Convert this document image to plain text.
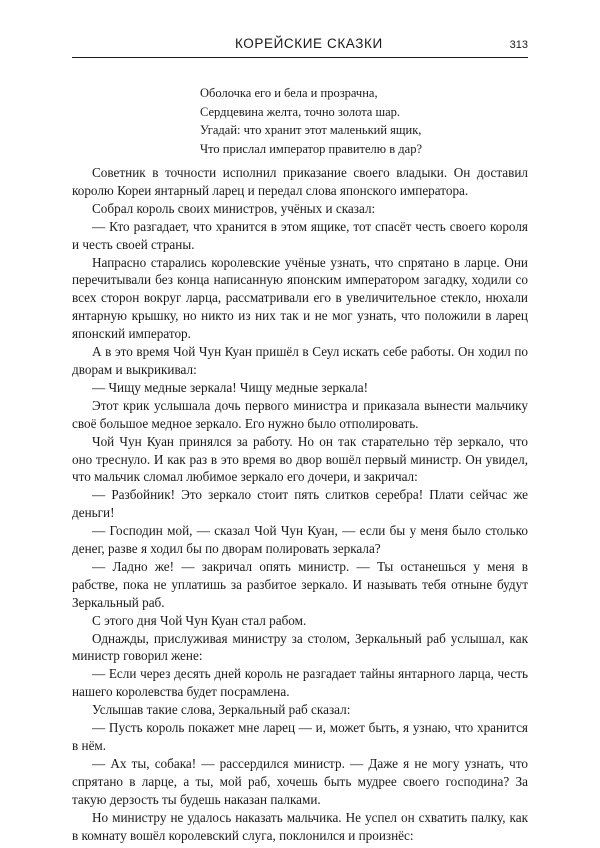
КОРЕЙСКИЕ СКАЗКИ	313
Оболочка его и бела и прозрачна,
Сердцевина желта, точно золота шар.
Угадай: что хранит этот маленький ящик,
Что прислал император правителю в дар?

Советник в точности исполнил приказание своего владыки. Он доставил королю Кореи янтарный ларец и передал слова японского императора.

Собрал король своих министров, учёных и сказал:

— Кто разгадает, что хранится в этом ящике, тот спасёт честь своего короля и честь своей страны.

Напрасно старались королевские учёные узнать, что спрятано в ларце. Они перечитывали без конца написанную японским императором загадку, ходили со всех сторон вокруг ларца, рассматривали его в увеличительное стекло, нюхали янтарную крышку, но никто из них так и не мог узнать, что положили в ларец японский император.

А в это время Чой Чун Куан пришёл в Сеул искать себе работы. Он ходил по дворам и выкрикивал:

— Чищу медные зеркала! Чищу медные зеркала!

Этот крик услышала дочь первого министра и приказала вынести мальчику своё большое медное зеркало. Его нужно было отполировать.

Чой Чун Куан принялся за работу. Но он так старательно тёр зеркало, что оно треснуло. И как раз в это время во двор вошёл первый министр. Он увидел, что мальчик сломал любимое зеркало его дочери, и закричал:

— Разбойник! Это зеркало стоит пять слитков серебра! Плати сейчас же деньги!

— Господин мой, — сказал Чой Чун Куан, — если бы у меня было столько денег, разве я ходил бы по дворам полировать зеркала?

— Ладно же! — закричал опять министр. — Ты останешься у меня в рабстве, пока не уплатишь за разбитое зеркало. И называть тебя отныне будут Зеркальный раб.

С этого дня Чой Чун Куан стал рабом.

Однажды, прислуживая министру за столом, Зеркальный раб услышал, как министр говорил жене:

— Если через десять дней король не разгадает тайны янтарного ларца, честь нашего королевства будет посрамлена.

Услышав такие слова, Зеркальный раб сказал:

— Пусть король покажет мне ларец — и, может быть, я узнаю, что хранится в нём.

— Ах ты, собака! — рассердился министр. — Даже я не могу узнать, что спрятано в ларце, а ты, мой раб, хочешь быть мудрее своего господина? За такую дерзость ты будешь наказан палками.

Но министру не удалось наказать мальчика. Не успел он схватить палку, как в комнату вошёл королевский слуга, поклонился и произнёс:
